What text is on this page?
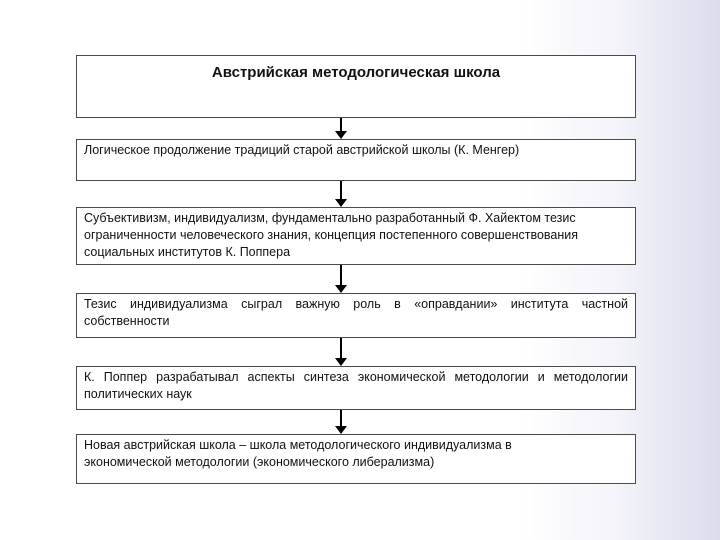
Австрийская методологическая школа
Логическое продолжение традиций старой австрийской школы (К. Менгер)
Субъективизм, индивидуализм, фундаментально разработанный Ф. Хайектом тезис ограниченности человеческого знания, концепция постепенного совершенствования социальных институтов К. Поппера
Тезис индивидуализма сыграл важную роль в «оправдании» института частной собственности
К. Поппер разрабатывал аспекты синтеза экономической методологии и методологии политических наук
Новая австрийская школа – школа методологического индивидуализма в экономической методологии (экономического либерализма)
